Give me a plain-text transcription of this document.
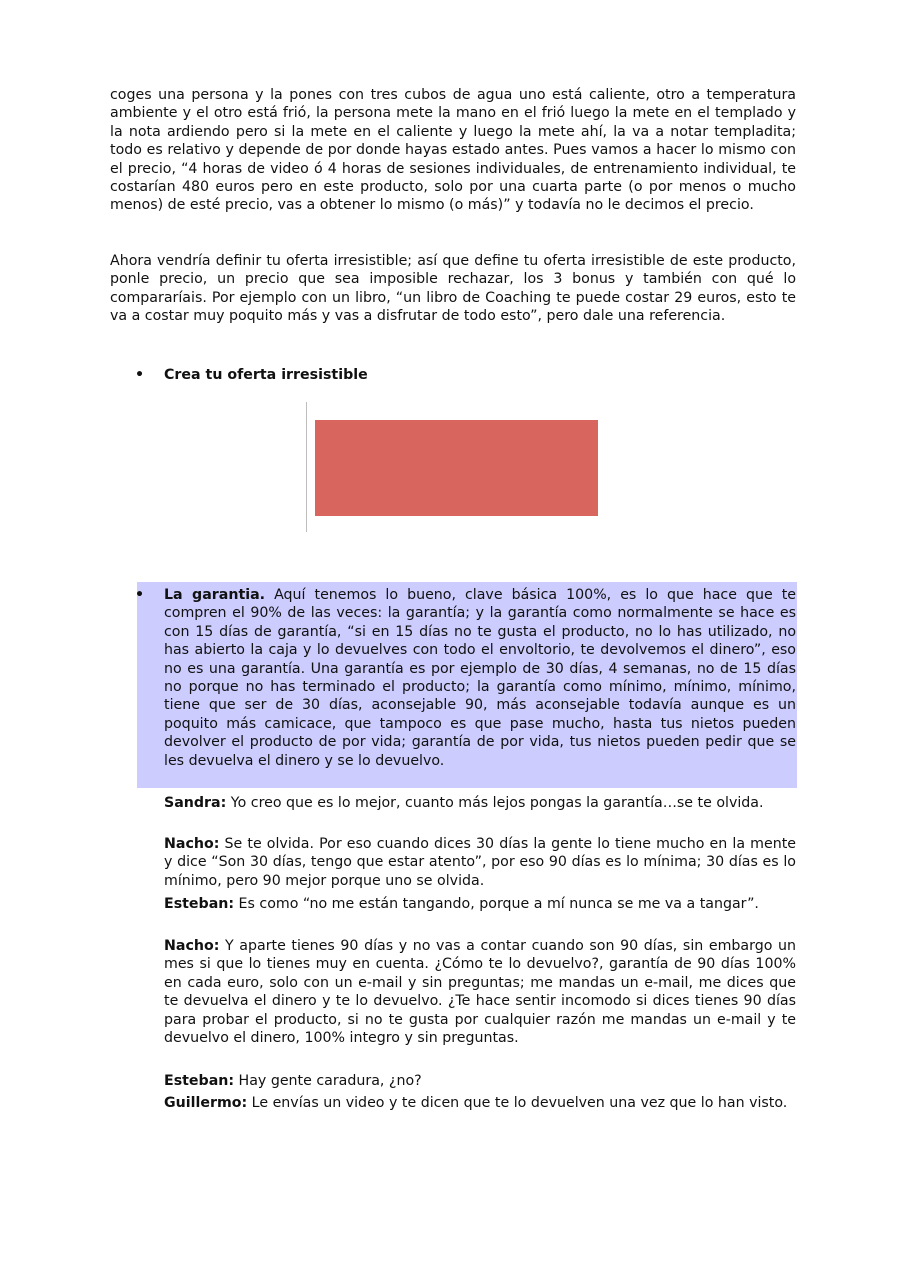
coges una persona y la pones con tres cubos de agua uno está caliente, otro a temperatura ambiente y el otro está frió, la persona mete la mano en el frió luego la mete en el templado y la nota ardiendo pero si la mete en el caliente y luego la mete ahí, la va a notar templadita; todo es relativo y depende de por donde hayas estado antes. Pues vamos a hacer lo mismo con el precio, “4 horas de video ó 4 horas de sesiones individuales, de entrenamiento individual, te costarían 480 euros pero en este producto, solo por una cuarta parte (o por menos o mucho menos) de esté precio, vas a obtener lo mismo (o más)” y todavía no le decimos el precio.

Ahora vendría definir tu oferta irresistible; así que define tu oferta irresistible de este producto, ponle precio, un precio que sea imposible rechazar, los 3 bonus y también con qué lo compararíais. Por ejemplo con un libro, “un libro de Coaching te puede costar 29 euros, esto te va a costar muy poquito más y vas a disfrutar de todo esto”, pero dale una referencia.

• Crea tu oferta irresistible
• La garantia. Aquí tenemos lo bueno, clave básica 100%, es lo que hace que te compren el 90% de las veces: la garantía; y la garantía como normalmente se hace es con 15 días de garantía, “si en 15 días no te gusta el producto, no lo has utilizado, no has abierto la caja y lo devuelves con todo el envoltorio, te devolvemos el dinero”, eso no es una garantía. Una garantía es por ejemplo de 30 días, 4 semanas, no de 15 días no porque no has terminado el producto; la garantía como mínimo, mínimo, mínimo, tiene que ser de 30 días, aconsejable 90, más aconsejable todavía aunque es un poquito más camicace, que tampoco es que pase mucho, hasta tus nietos pueden devolver el producto de por vida; garantía de por vida, tus nietos pueden pedir que se les devuelva el dinero y se lo devuelvo.

Sandra: Yo creo que es lo mejor, cuanto más lejos pongas la garantía…se te olvida.

Nacho: Se te olvida. Por eso cuando dices 30 días la gente lo tiene mucho en la mente y dice “Son 30 días, tengo que estar atento”, por eso 90 días es lo mínima; 30 días es lo mínimo, pero 90 mejor porque uno se olvida.

Esteban: Es como “no me están tangando, porque a mí nunca se me va a tangar”.

Nacho: Y aparte tienes 90 días y no vas a contar cuando son 90 días, sin embargo un mes si que lo tienes muy en cuenta. ¿Cómo te lo devuelvo?, garantía de 90 días 100% en cada euro, solo con un e-mail y sin preguntas; me mandas un e-mail, me dices que te devuelva el dinero y te lo devuelvo. ¿Te hace sentir incomodo si dices tienes 90 días para probar el producto, si no te gusta por cualquier razón me mandas un e-mail y te devuelvo el dinero, 100% integro y sin preguntas.

Esteban: Hay gente caradura, ¿no?

Guillermo: Le envías un video y te dicen que te lo devuelven una vez que lo han visto.
